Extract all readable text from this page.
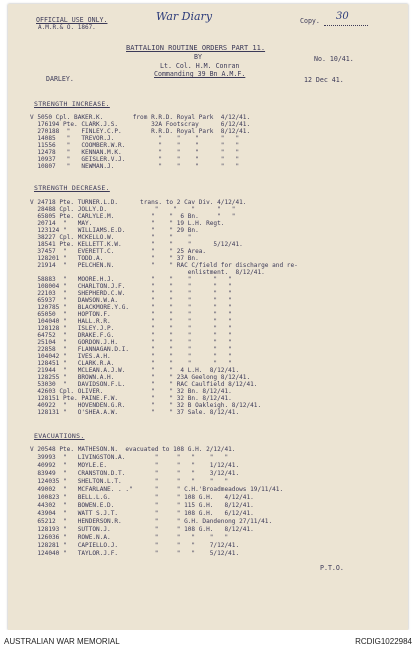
OFFICIAL USE ONLY.
A.M.R.& O. 1867.
War Diary	Copy. 30
BATTALION ROUTINE ORDERS PART 11.
BY	No. 10/41.
Lt. Col. H.M. Conran
Commanding 39 Bn A.M.F.
DARLEY.	12 Dec 41.
STRENGTH INCREASE.
V 5050 Cpl. BAKER.K.        from R.R.D. Royal Park  4/12/41.
176194 Pte. CLARK.J.S.         32A Footscray      6/12/41.
270188  "   FINLEY.C.P.        R.R.D. Royal Park  8/12/41.
14085   "   TREVOR.J.            "    "    "      "   "
11556   "   COOMBER.W.R.         "    "    "      "   "
12478   "   KENNAN.M.K.          "    "    "      "   "
10937   "   GEISLER.V.J.         "    "    "      "   "
10807   "   NEWMAN.J.            "    "    "      "   "
STRENGTH DECREASE.
V 24718 Pte. TURNER.L.D.      trans. to 2 Cav Div. 4/12/41.
28488 Cpl. JOLLY.D.             "    "    "      "   "
65805 Pte. CARLYLE.M.          "    "  6 Bn.     "   "
20714  "   MAY.                "    " 19 L.H. Regt.
123124 "   WILLIAMS.E.D.       "    " 29 Bn.
38227 Cpl. MCKELLO.W.          "    "    "
18541 Pte. KELLETT.K.W.        "    "    "      5/12/41.
37457  "   EVERETT.C.          "    " 25 Area.
128201 "   TODD.A.             "    " 37 Bn.
21914  "   PELCHEN.N.          "    " RAC C/field for discharge and re-
enlistment.  8/12/41.
58883  "   MOORE.H.J.          "    "    "      "   "
108004 "   CHARLTON.J.F.       "    "    "      "   "
22103  "   SHEPHERD.C.W.       "    "    "      "   "
65937  "   DAWSON.W.A.         "    "    "      "   "
120785 "   BLACKMORE.Y.G.      "    "    "      "   "
65050  "   HOPTON.F.           "    "    "      "   "
104040 "   HALL.R.R.           "    "    "      "   "
128128 "   ISLEY.J.P.          "    "    "      "   "
64752  "   DRAKE.F.G.          "    "    "      "   "
25104  "   GORDON.J.H.         "    "    "      "   "
22858  "   FLANNAGAN.D.I.      "    "    "      "   "
104042 "   IVES.A.H.           "    "    "      "   "
128451 "   CLARK.R.A.          "    "    "      "   "
21944  "   MCLEAN.A.J.W.       "    "  4 L.H.  8/12/41.
128255 "   BROWN.A.H.          "    " 23A Geelong 8/12/41.
53030  "   DAVIDSON.F.L.       "    " RAC Caulfield 8/12/41.
42603 Cpl. OLIVER.             "    " 32 Bn. 8/12/41.
128151 Pte. PAINE.F.W.         "    " 32 Bn. 8/12/41.
40922  "   HOVENDEN.G.R.       "    " 32 B Oakleigh. 8/12/41.
128131 "   O'SHEA.A.W.         "    " 37 Sale. 8/12/41.
EVACUATIONS.
V 20548 Pte. MATHESON.N.  evacuated to 108 G.H. 2/12/41.
39993  "   LIVINGSTON.A.        "     "   "    "   "
40992  "   MOYLE.E.             "     "   "    1/12/41.
83949  "   CRANSTON.D.T.        "     "   "    3/12/41.
124035 "   SHELTON.L.T.         "     "   "    "   "
49002  "   MCFARLANE. . ."      "     " C.H.'Broadmeadows 19/11/41.
100823 "   BELL.L.G.            "     " 108 G.H.   4/12/41.
44302  "   BOWEN.E.D.           "     " 115 G.H.   8/12/41.
43904  "   WATT S.J.T.          "     " 108 G.H.   6/12/41.
65212  "   HENDERSON.R.         "     " G.H. Dandenong 27/11/41.
128193 "   SUTTON.J.            "     " 108 G.H.   8/12/41.
126036 "   ROWE.N.A.            "     "   "    "   "
128281 "   CAPIELLO.J.          "     "   "    7/12/41.
124040 "   TAYLOR.J.F.          "     "   "    5/12/41.
P.T.O.
AUSTRALIAN WAR MEMORIAL	RCDIG1022984
